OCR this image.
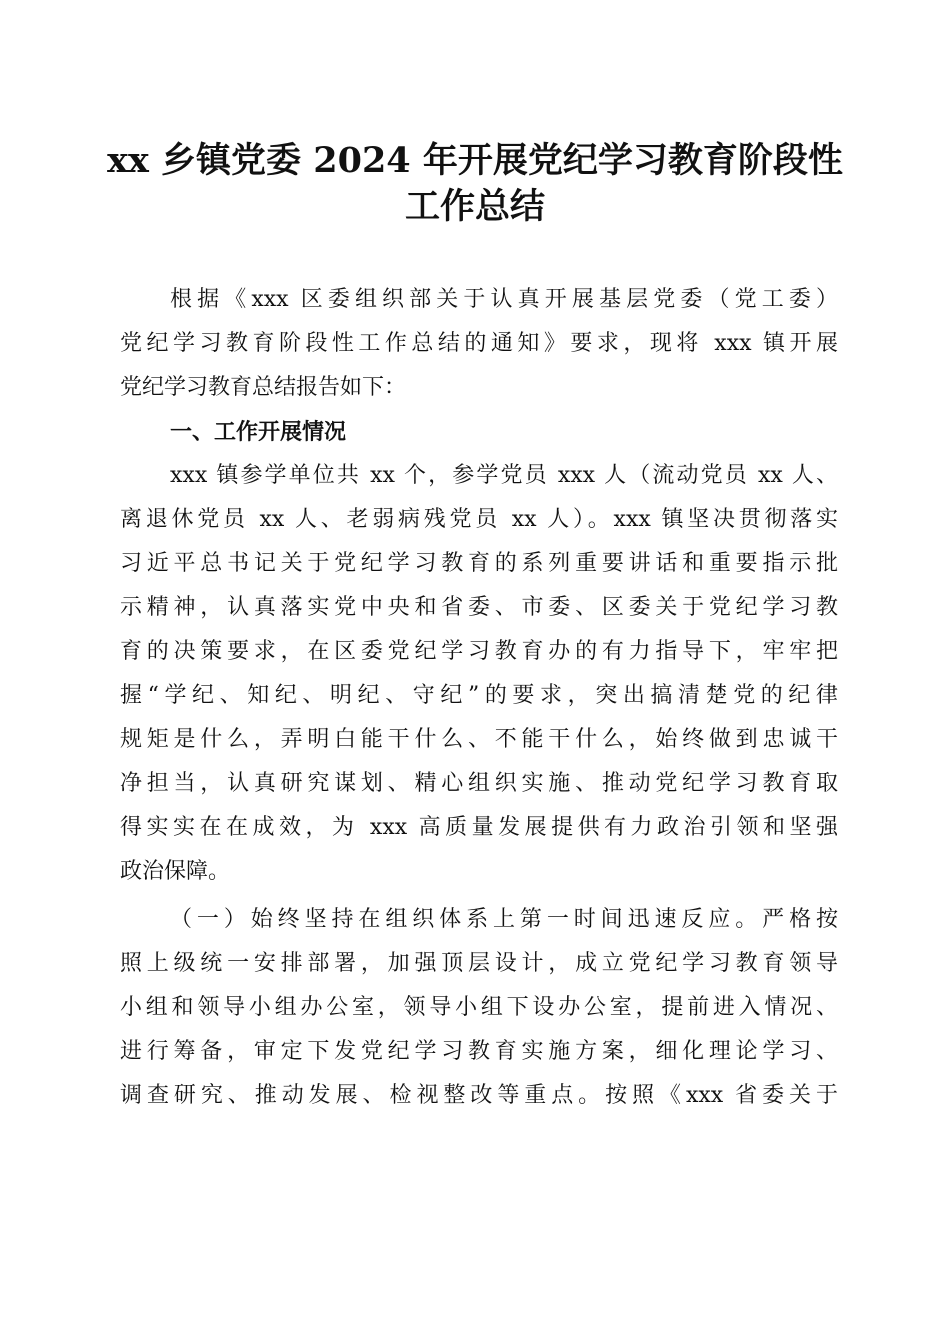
xx 乡镇党委 2024 年开展党纪学习教育阶段性
工作总结

根据《xxx 区委组织部关于认真开展基层党委（党工委）

党纪学习教育阶段性工作总结的通知》要求，现将 xxx 镇开展

党纪学习教育总结报告如下：

一、工作开展情况

xxx 镇参学单位共 xx 个，参学党员 xxx 人（流动党员 xx 人、

离退休党员 xx 人、老弱病残党员 xx 人）。xxx 镇坚决贯彻落实

习近平总书记关于党纪学习教育的系列重要讲话和重要指示批

示精神，认真落实党中央和省委、市委、区委关于党纪学习教

育的决策要求，在区委党纪学习教育办的有力指导下，牢牢把

握“学纪、知纪、明纪、守纪”的要求，突出搞清楚党的纪律

规矩是什么，弄明白能干什么、不能干什么，始终做到忠诚干

净担当，认真研究谋划、精心组织实施、推动党纪学习教育取

得实实在在成效，为 xxx 高质量发展提供有力政治引领和坚强

政治保障。

（一）始终坚持在组织体系上第一时间迅速反应。严格按

照上级统一安排部署，加强顶层设计，成立党纪学习教育领导

小组和领导小组办公室，领导小组下设办公室，提前进入情况、

进行筹备，审定下发党纪学习教育实施方案，细化理论学习、

调查研究、推动发展、检视整改等重点。按照《xxx 省委关于
